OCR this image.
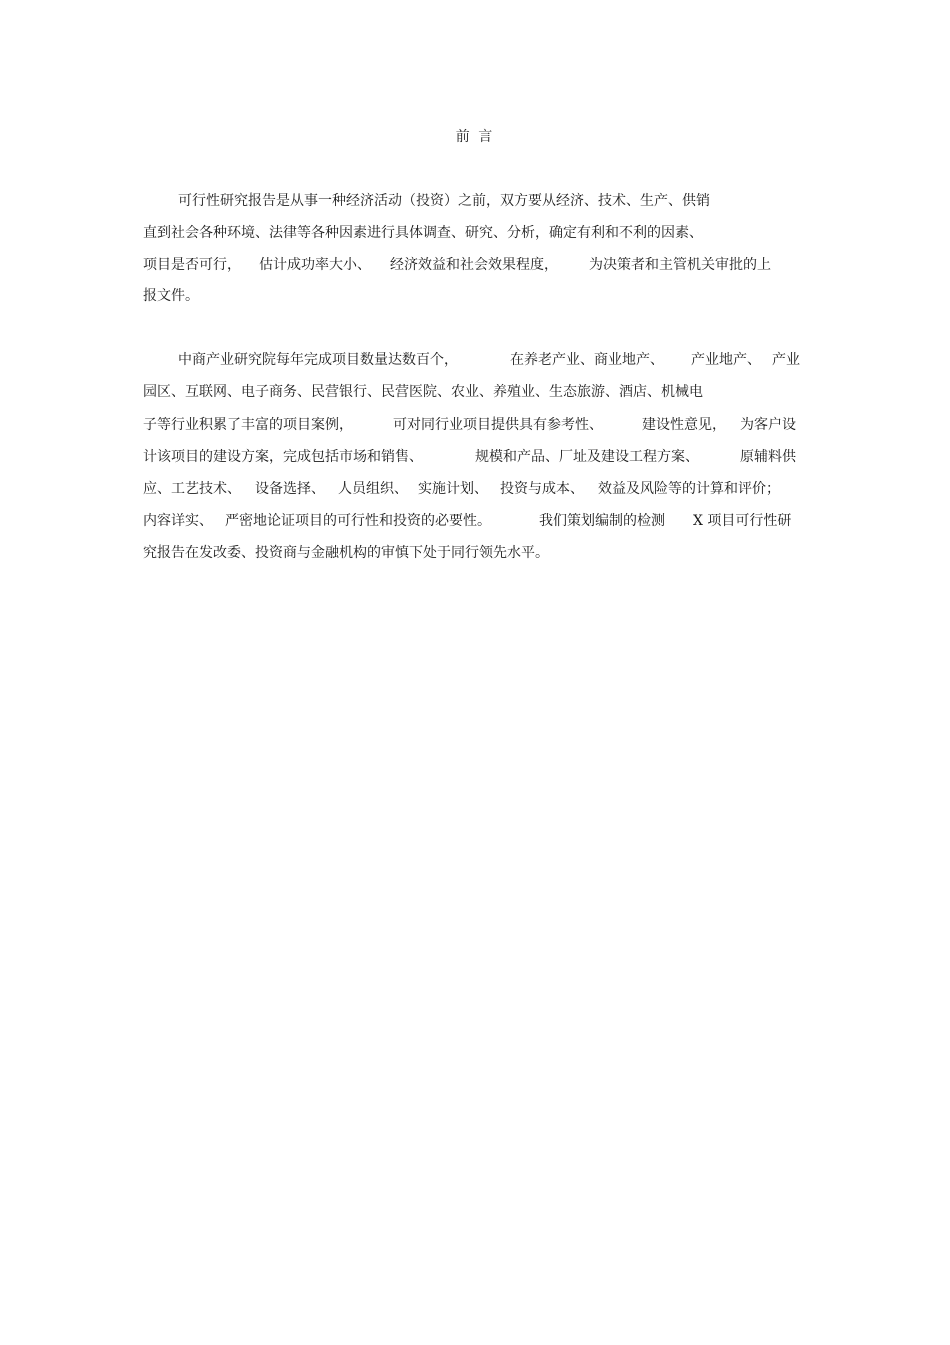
前 言
可行性研究报告是从事一种经济活动（投资）之前，双方要从经济、技术、生产、供销
直到社会各种环境、法律等各种因素进行具体调查、研究、分析，确定有利和不利的因素、
项目是否可行， 估计成功率大小、 经济效益和社会效果程度， 为决策者和主管机关审批的上
报文件。
中商产业研究院每年完成项目数量达数百个，	在养老产业、商业地产、 产业地产、 产业
园区、互联网、电子商务、民营银行、民营医院、农业、养殖业、生态旅游、酒店、机械电
子等行业积累了丰富的项目案例，	可对同行业项目提供具有参考性、	建设性意见， 为客户设
计该项目的建设方案，完成包括市场和销售、	规模和产品、厂址及建设工程方案、	原辅料供
应、工艺技术、 设备选择、 人员组织、 实施计划、 投资与成本、 效益及风险等的计算和评价；
内容详实、 严密地论证项目的可行性和投资的必要性。	我们策划编制的检测 X 项目可行性研
究报告在发改委、投资商与金融机构的审慎下处于同行领先水平。
